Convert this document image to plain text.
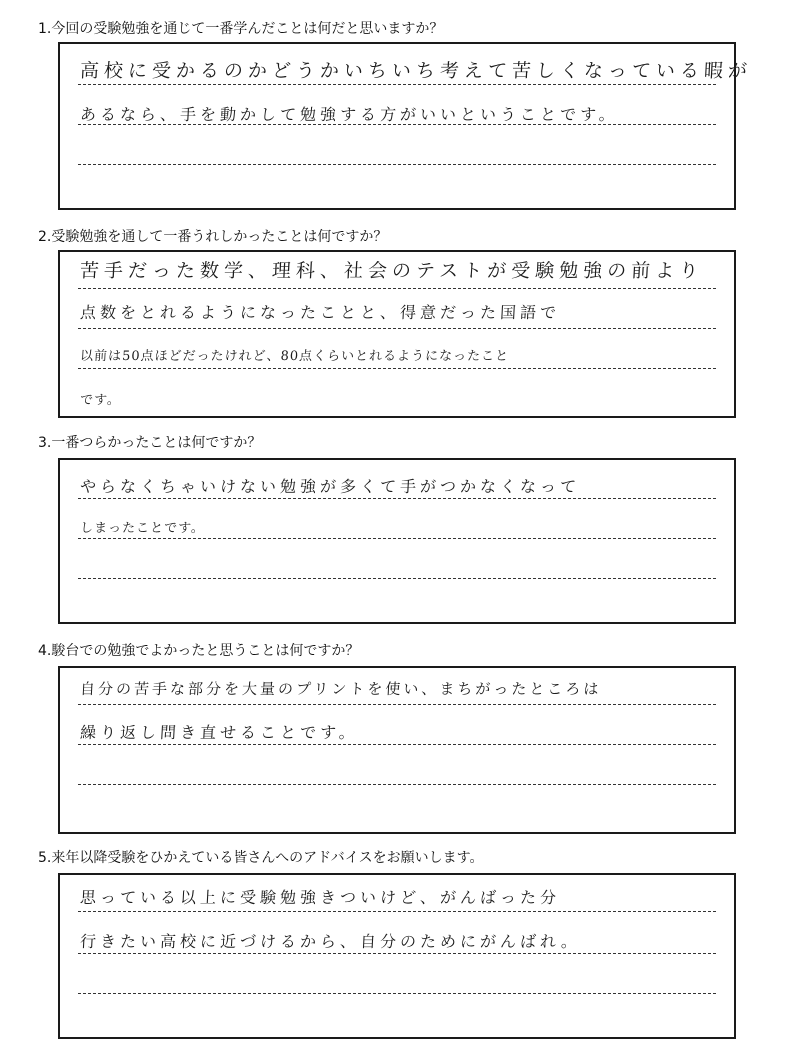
1.今回の受験勉強を通じて一番学んだことは何だと思いますか？
高校に受かるのかどうかいちいち考えて苦しくなっている暇が
あるなら、手を動かして勉強する方がいいということです。
2.受験勉強を通して一番うれしかったことは何ですか？
苦手だった数学、理科、社会のテストが受験勉強の前より
点数をとれるようになったことと、得意だった国語で
以前は50点ほどだったけれど、80点くらいとれるようになったこと
です。
3.一番つらかったことは何ですか？
やらなくちゃいけない勉強が多くて手がつかなくなって
しまったことです。
4.駿台での勉強でよかったと思うことは何ですか？
自分の苦手な部分を大量のプリントを使い、まちがったところは
繰り返し問き直せることです。
5.来年以降受験をひかえている皆さんへのアドバイスをお願いします。
思っている以上に受験勉強きついけど、がんばった分
行きたい高校に近づけるから、自分のためにがんばれ。
